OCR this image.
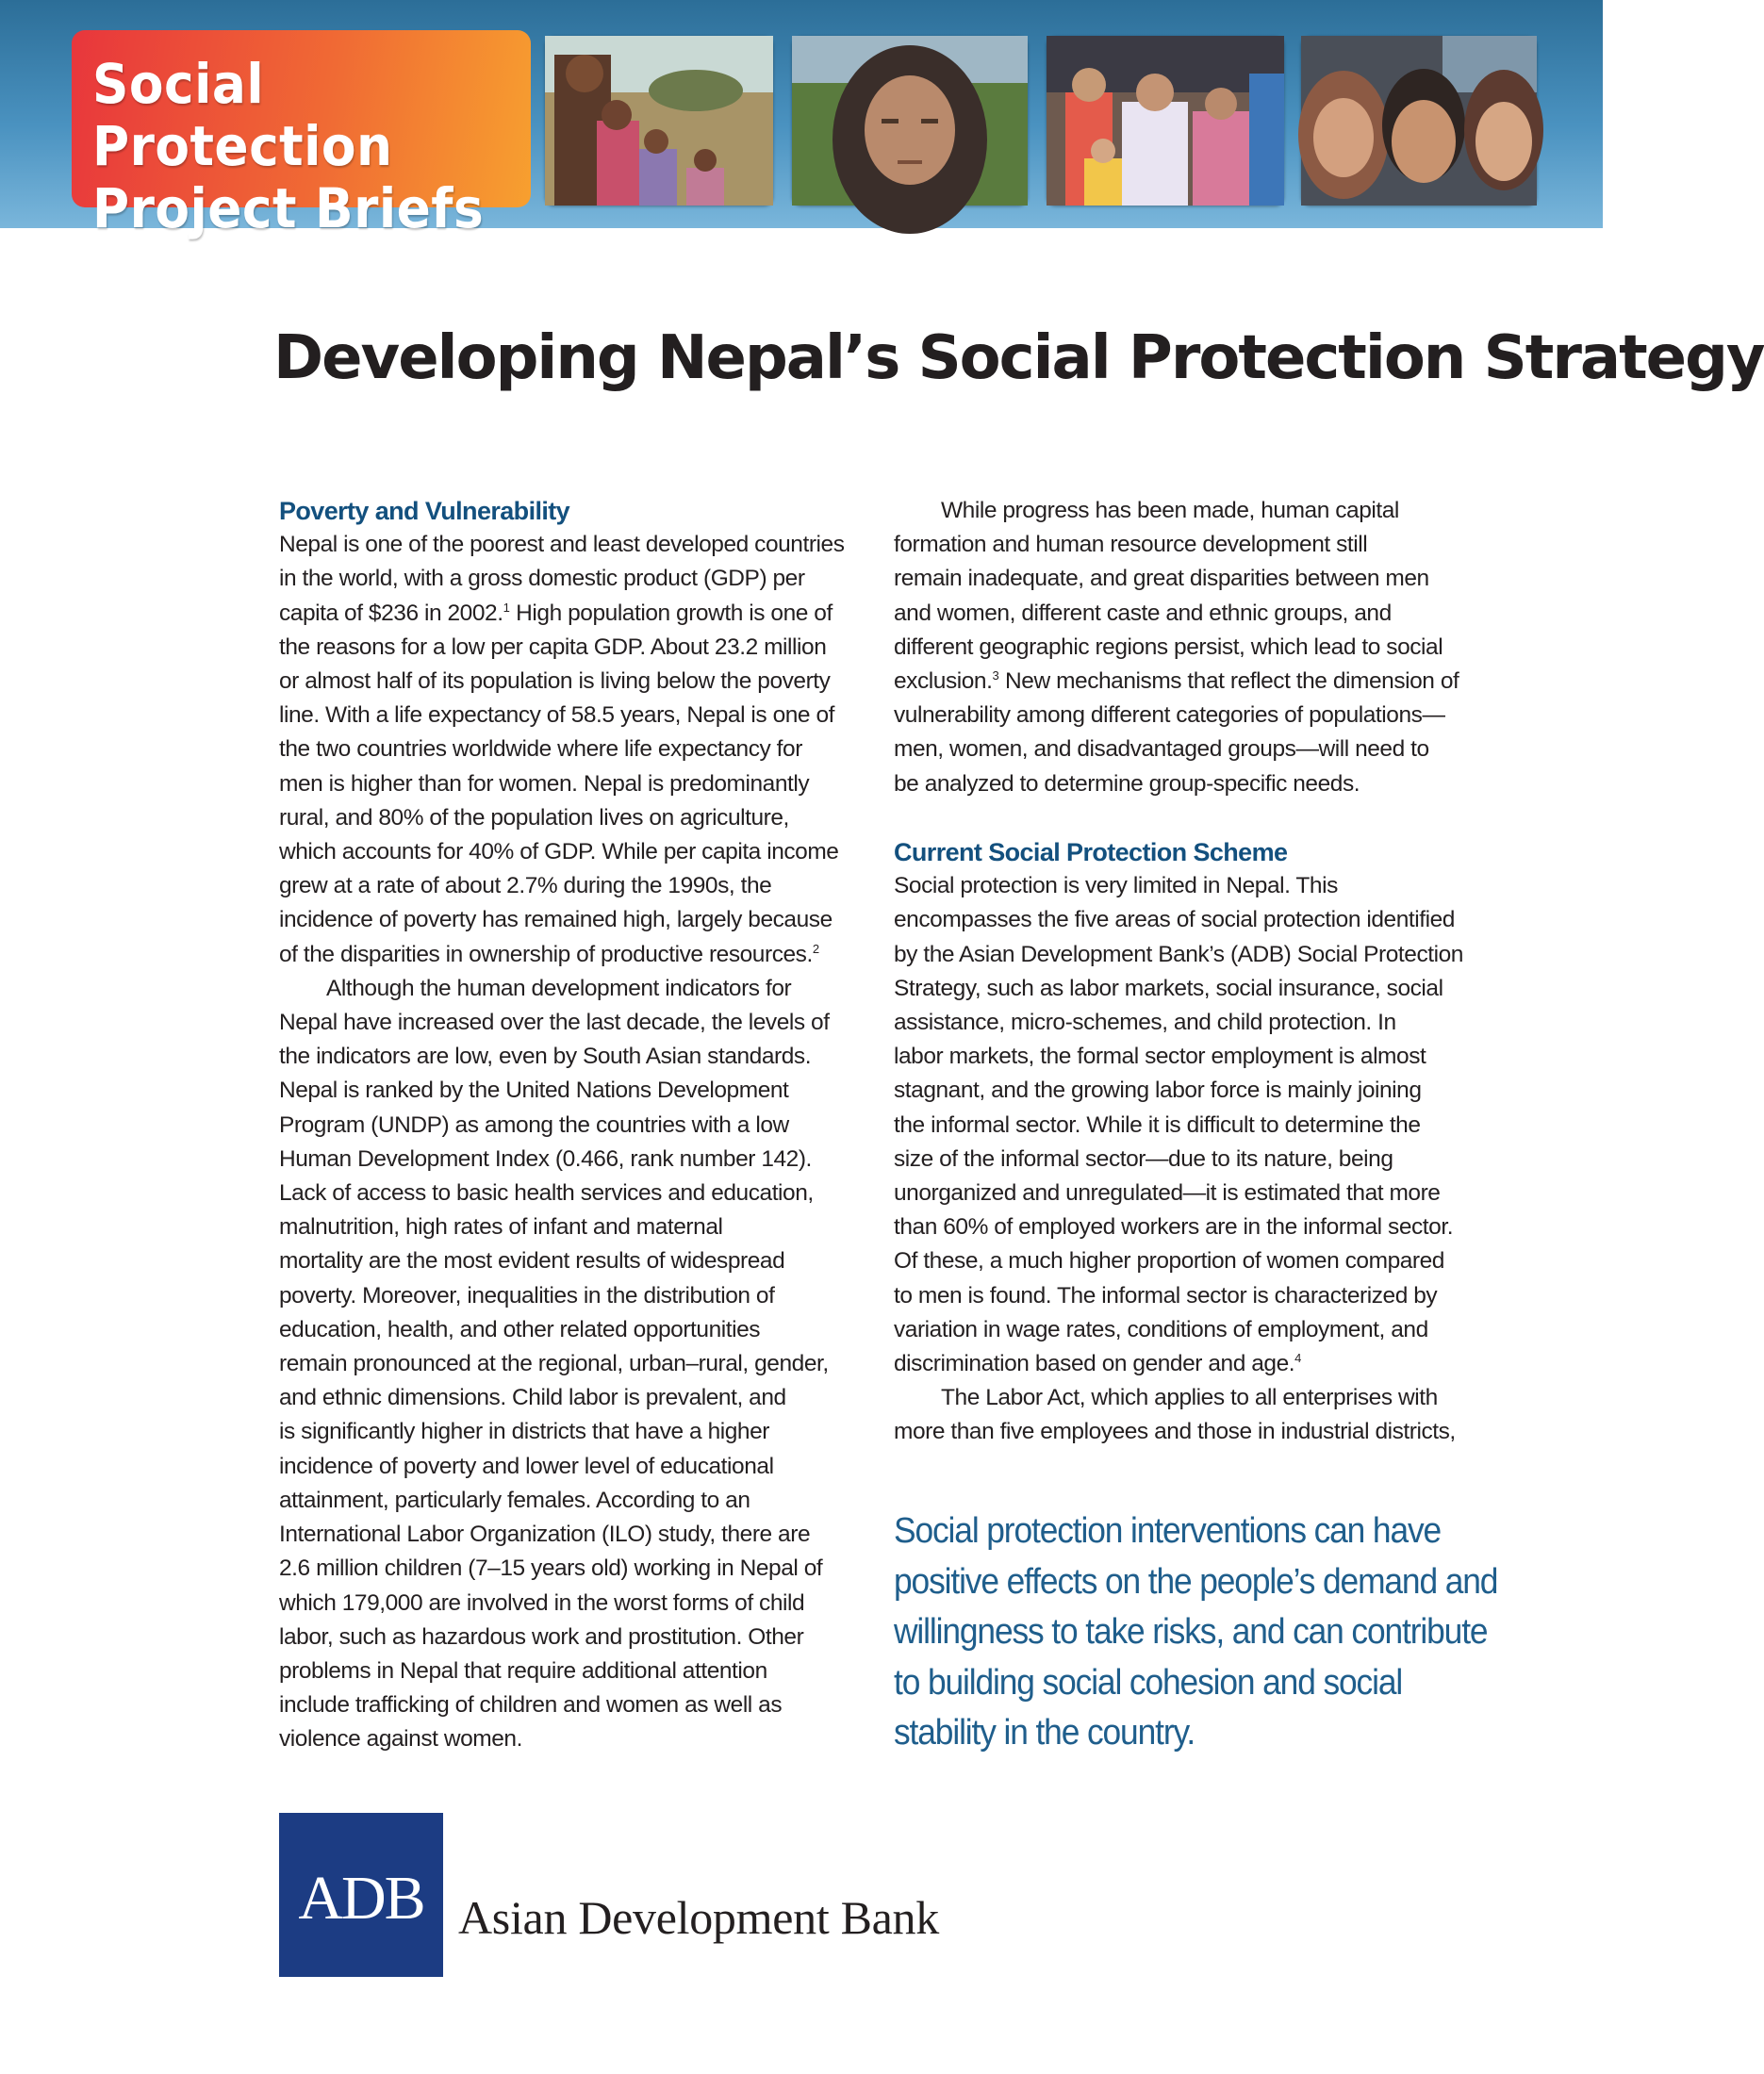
Social Protection
Project Briefs
Developing Nepal’s Social Protection Strategy
Poverty and Vulnerability
Nepal is one of the poorest and least developed countries
in the world, with a gross domestic product (GDP) per
capita of $236 in 2002.$^1$ High population growth is one of
the reasons for a low per capita GDP. About 23.2 million
or almost half of its population is living below the poverty
line. With a life expectancy of 58.5 years, Nepal is one of
the two countries worldwide where life expectancy for
men is higher than for women. Nepal is predominantly
rural, and 80% of the population lives on agriculture,
which accounts for 40% of GDP. While per capita income
grew at a rate of about 2.7% during the 1990s, the
incidence of poverty has remained high, largely because
of the disparities in ownership of productive resources.$^2$
Although the human development indicators for
Nepal have increased over the last decade, the levels of
the indicators are low, even by South Asian standards.
Nepal is ranked by the United Nations Development
Program (UNDP) as among the countries with a low
Human Development Index (0.466, rank number 142).
Lack of access to basic health services and education,
malnutrition, high rates of infant and maternal
mortality are the most evident results of widespread
poverty. Moreover, inequalities in the distribution of
education, health, and other related opportunities
remain pronounced at the regional, urban–rural, gender,
and ethnic dimensions. Child labor is prevalent, and
is significantly higher in districts that have a higher
incidence of poverty and lower level of educational
attainment, particularly females. According to an
International Labor Organization (ILO) study, there are
2.6 million children (7–15 years old) working in Nepal of
which 179,000 are involved in the worst forms of child
labor, such as hazardous work and prostitution. Other
problems in Nepal that require additional attention
include trafficking of children and women as well as
violence against women.
While progress has been made, human capital
formation and human resource development still
remain inadequate, and great disparities between men
and women, different caste and ethnic groups, and
different geographic regions persist, which lead to social
exclusion.$^3$ New mechanisms that reflect the dimension of
vulnerability among different categories of populations—
men, women, and disadvantaged groups—will need to
be analyzed to determine group-specific needs.
Current Social Protection Scheme
Social protection is very limited in Nepal. This
encompasses the five areas of social protection identified
by the Asian Development Bank’s (ADB) Social Protection
Strategy, such as labor markets, social insurance, social
assistance, micro-schemes, and child protection. In
labor markets, the formal sector employment is almost
stagnant, and the growing labor force is mainly joining
the informal sector. While it is difficult to determine the
size of the informal sector—due to its nature, being
unorganized and unregulated—it is estimated that more
than 60% of employed workers are in the informal sector.
Of these, a much higher proportion of women compared
to men is found. The informal sector is characterized by
variation in wage rates, conditions of employment, and
discrimination based on gender and age.$^4$
The Labor Act, which applies to all enterprises with
more than five employees and those in industrial districts,
Social protection interventions can have
positive effects on the people’s demand and
willingness to take risks, and can contribute
to building social cohesion and social
stability in the country.
ADB Asian Development Bank
